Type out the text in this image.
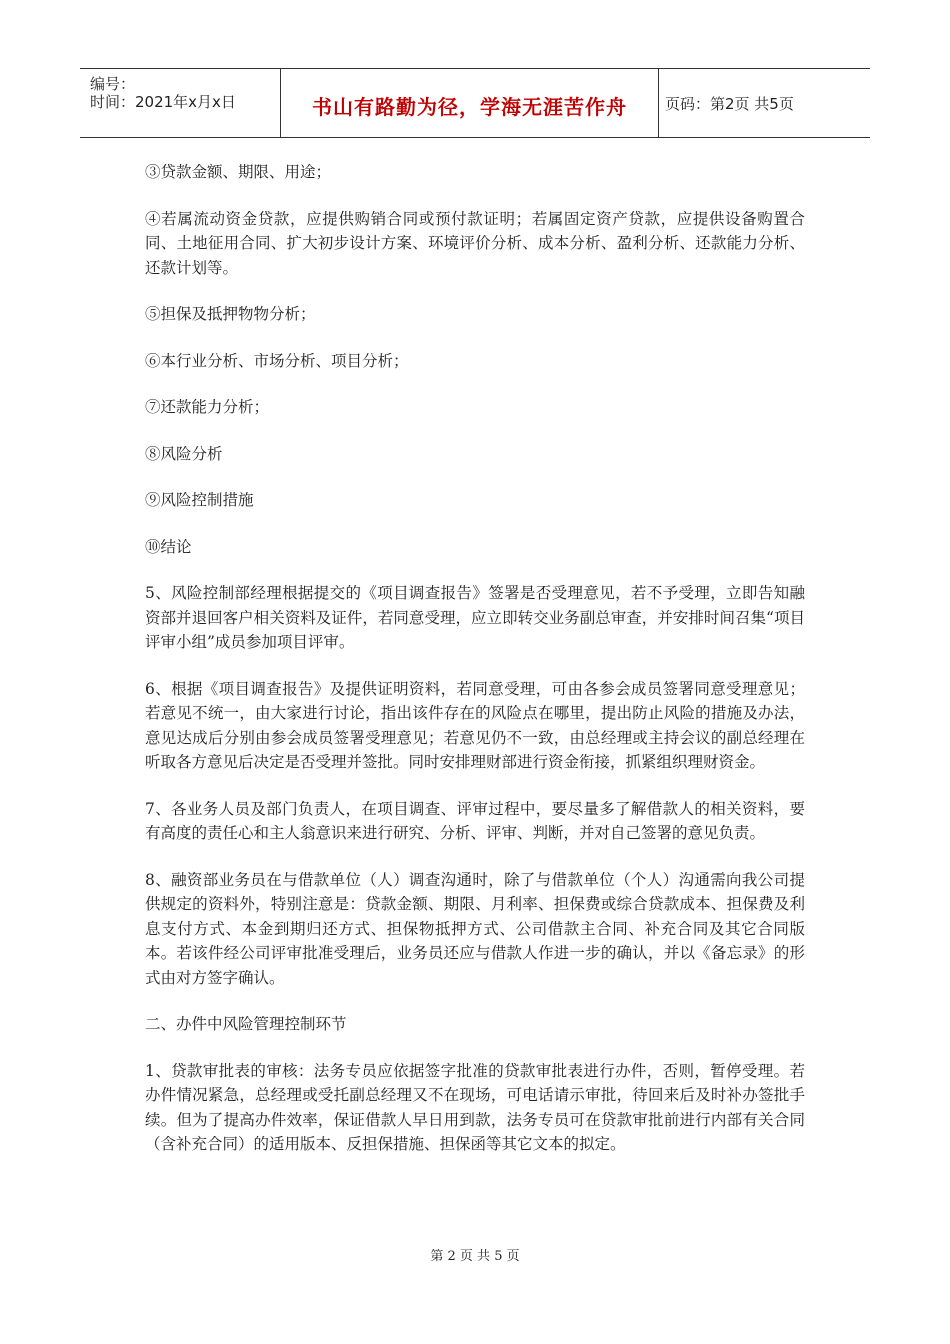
编号：
时间：2021年x月x日	书山有路勤为径，学海无涯苦作舟	页码：第2页 共5页

③贷款金额、期限、用途；

④若属流动资金贷款，应提供购销合同或预付款证明；若属固定资产贷款，应提供设备购置合同、土地征用合同、扩大初步设计方案、环境评价分析、成本分析、盈利分析、还款能力分析、还款计划等。

⑤担保及抵押物物分析；

⑥本行业分析、市场分析、项目分析；

⑦还款能力分析；

⑧风险分析

⑨风险控制措施

⑩结论

5、风险控制部经理根据提交的《项目调查报告》签署是否受理意见，若不予受理，立即告知融资部并退回客户相关资料及证件，若同意受理，应立即转交业务副总审查，并安排时间召集“项目评审小组”成员参加项目评审。

6、根据《项目调查报告》及提供证明资料，若同意受理，可由各参会成员签署同意受理意见；若意见不统一，由大家进行讨论，指出该件存在的风险点在哪里，提出防止风险的措施及办法，意见达成后分别由参会成员签署受理意见；若意见仍不一致，由总经理或主持会议的副总经理在听取各方意见后决定是否受理并签批。同时安排理财部进行资金衔接，抓紧组织理财资金。

7、各业务人员及部门负责人，在项目调查、评审过程中，要尽量多了解借款人的相关资料，要有高度的责任心和主人翁意识来进行研究、分析、评审、判断，并对自己签署的意见负责。

8、融资部业务员在与借款单位（人）调查沟通时，除了与借款单位（个人）沟通需向我公司提供规定的资料外，特别注意是：贷款金额、期限、月利率、担保费或综合贷款成本、担保费及利息支付方式、本金到期归还方式、担保物抵押方式、公司借款主合同、补充合同及其它合同版本。若该件经公司评审批准受理后，业务员还应与借款人作进一步的确认，并以《备忘录》的形式由对方签字确认。

二、办件中风险管理控制环节

1、贷款审批表的审核：法务专员应依据签字批准的贷款审批表进行办件，否则，暂停受理。若办件情况紧急，总经理或受托副总经理又不在现场，可电话请示审批，待回来后及时补办签批手续。但为了提高办件效率，保证借款人早日用到款，法务专员可在贷款审批前进行内部有关合同（含补充合同）的适用版本、反担保措施、担保函等其它文本的拟定。

第 2 页 共 5 页
